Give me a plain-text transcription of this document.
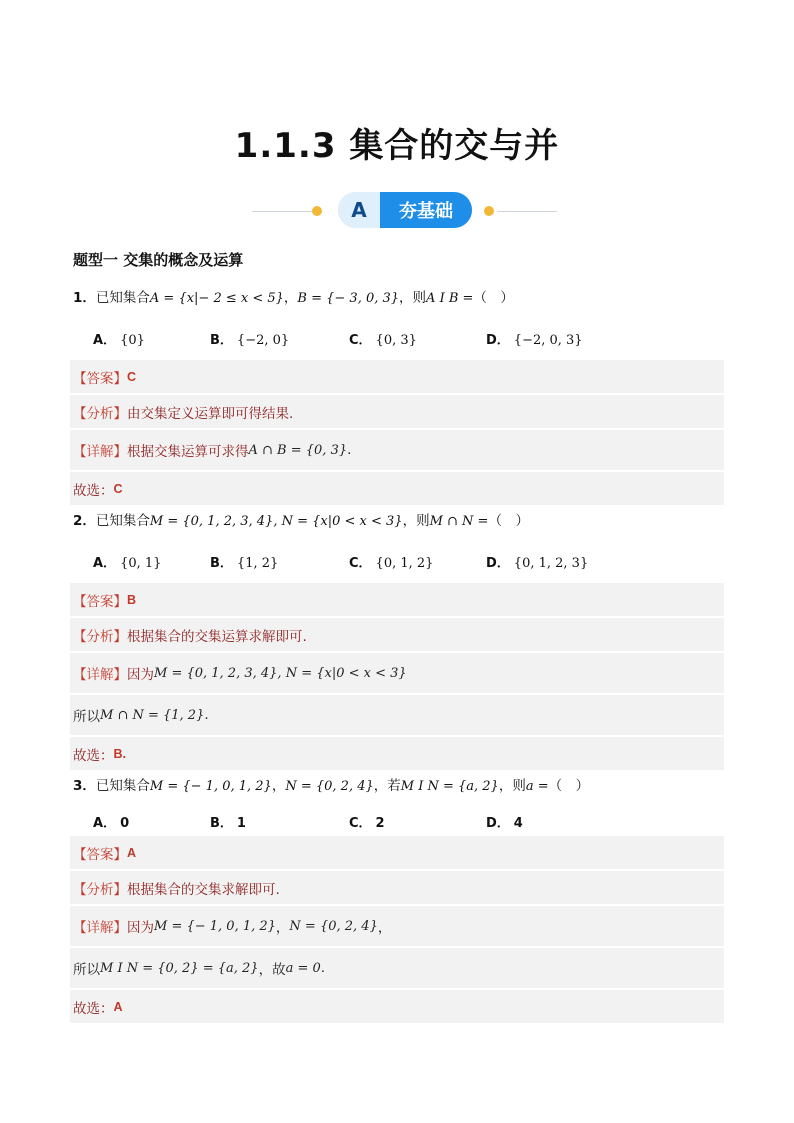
1.1.3 集合的交与并
A	夯基础
题型一 交集的概念及运算
1．已知集合A = {x|− 2 ≤ x < 5}，B = {− 3, 0, 3}，则A I B =（　）
A． {0}	B． {−2, 0}	C． {0, 3}	D． {−2, 0, 3}
【答案】 C
【分析】 由交集定义运算即可得结果.
【详解】 根据交集运算可求得 A ∩ B = {0, 3} .
故选： C
2．已知集合M = {0, 1, 2, 3, 4}, N = {x|0 < x < 3}，则M ∩ N =（　）
A． {0, 1}	B． {1, 2}	C． {0, 1, 2}	D． {0, 1, 2, 3}
【答案】 B
【分析】 根据集合的交集运算求解即可.
【详解】 因为 M = {0, 1, 2, 3, 4}, N = {x|0 < x < 3}
所以 M ∩ N = {1, 2} .
故选： B.
3．已知集合M = {− 1, 0, 1, 2}，N = {0, 2, 4}，若M I N = {a, 2}，则a =（　）
A． 0	B． 1	C． 2	D． 4
【答案】 A
【分析】 根据集合的交集求解即可.
【详解】 因为 M = {− 1, 0, 1, 2} ， N = {0, 2, 4} ，
所以 M I N = {0, 2} = {a, 2} ，故 a = 0 .
故选： A
